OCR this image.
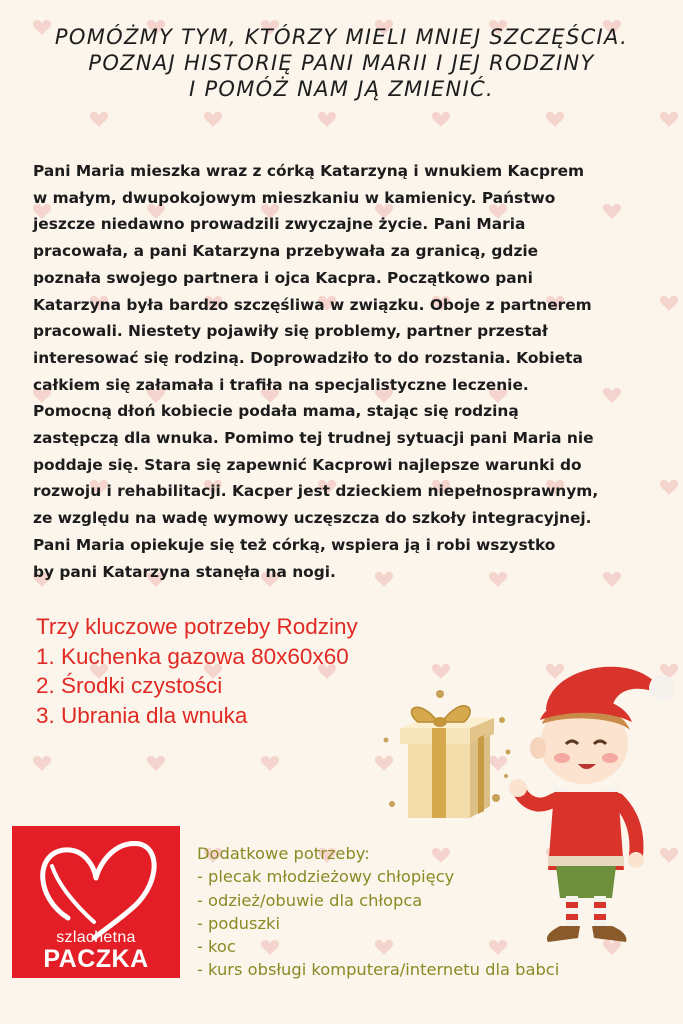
POMÓŻMY TYM, KTÓRZY MIELI MNIEJ SZCZĘŚCIA.
POZNAJ HISTORIĘ PANI MARII I JEJ RODZINY
I POMÓŻ NAM JĄ ZMIENIĆ.
Pani Maria mieszka wraz z córką Katarzyną i wnukiem Kacprem
w małym, dwupokojowym mieszkaniu w kamienicy. Państwo
jeszcze niedawno prowadzili zwyczajne życie. Pani Maria
pracowała, a pani Katarzyna przebywała za granicą, gdzie
poznała swojego partnera i ojca Kacpra. Początkowo pani
Katarzyna była bardzo szczęśliwa w związku. Oboje z partnerem
pracowali. Niestety pojawiły się problemy, partner przestał
interesować się rodziną. Doprowadziło to do rozstania. Kobieta
całkiem się załamała i trafiła na specjalistyczne leczenie.
Pomocną dłoń kobiecie podała mama, stając się rodziną
zastępczą dla wnuka. Pomimo tej trudnej sytuacji pani Maria nie
poddaje się. Stara się zapewnić Kacprowi najlepsze warunki do
rozwoju i rehabilitacji. Kacper jest dzieckiem niepełnosprawnym,
ze względu na wadę wymowy uczęszcza do szkoły integracyjnej.
Pani Maria opiekuje się też córką, wspiera ją i robi wszystko
by pani Katarzyna stanęła na nogi.
Trzy kluczowe potrzeby Rodziny
1. Kuchenka gazowa 80x60x60
2. Środki czystości
3. Ubrania dla wnuka
szlachetna
PACZKA
Dodatkowe potrzeby:
- plecak młodzieżowy chłopięcy
- odzież/obuwie dla chłopca
- poduszki
- koc
- kurs obsługi komputera/internetu dla babci
